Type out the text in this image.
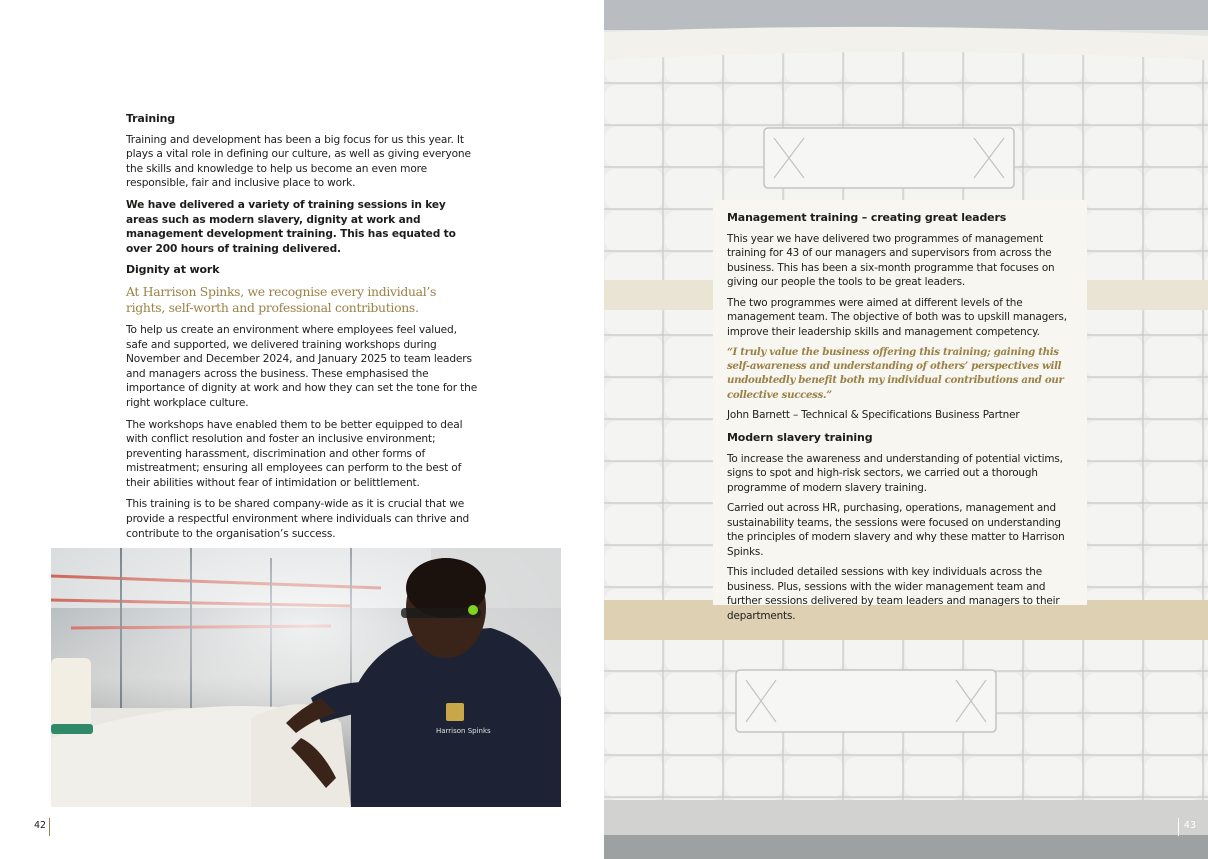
Training

Training and development has been a big focus for us this year. It plays a vital role in defining our culture, as well as giving everyone the skills and knowledge to help us become an even more responsible, fair and inclusive place to work.

We have delivered a variety of training sessions in key areas such as modern slavery, dignity at work and management development training. This has equated to over 200 hours of training delivered.

Dignity at work
At Harrison Spinks, we recognise every individual’s rights, self-worth and professional contributions.

To help us create an environment where employees feel valued, safe and supported, we delivered training workshops during November and December 2024, and January 2025 to team leaders and managers across the business. These emphasised the importance of dignity at work and how they can set the tone for the right workplace culture.

The workshops have enabled them to be better equipped to deal with conflict resolution and foster an inclusive environment; preventing harassment, discrimination and other forms of mistreatment; ensuring all employees can perform to the best of their abilities without fear of intimidation or belittlement.

This training is to be shared company-wide as it is crucial that we provide a respectful environment where individuals can thrive and contribute to the organisation’s success.

Harrison Spinks
42	43
Management training – creating great leaders

This year we have delivered two programmes of management training for 43 of our managers and supervisors from across the business. This has been a six-month programme that focuses on giving our people the tools to be great leaders.

The two programmes were aimed at different levels of the management team. The objective of both was to upskill managers, improve their leadership skills and management competency.

“I truly value the business offering this training; gaining this self-awareness and understanding of others’ perspectives will undoubtedly benefit both my individual contributions and our collective success.”

John Barnett – Technical & Specifications Business Partner

Modern slavery training

To increase the awareness and understanding of potential victims, signs to spot and high-risk sectors, we carried out a thorough programme of modern slavery training.

Carried out across HR, purchasing, operations, management and sustainability teams, the sessions were focused on understanding the principles of modern slavery and why these matter to Harrison Spinks.

This included detailed sessions with key individuals across the business. Plus, sessions with the wider management team and further sessions delivered by team leaders and managers to their departments.
